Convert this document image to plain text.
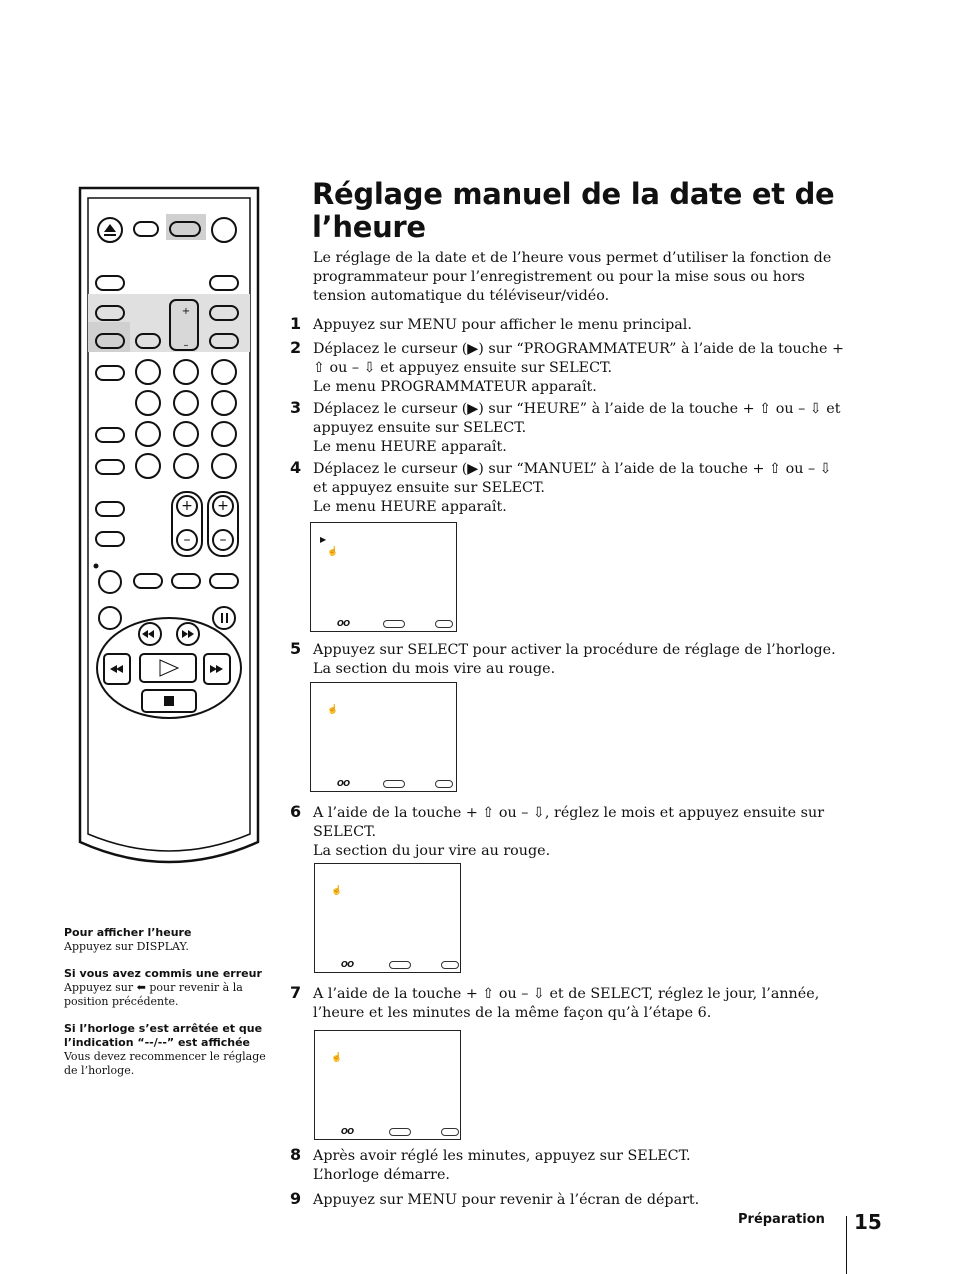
Réglage manuel de la date et de l’heure

Le réglage de la date et de l’heure vous permet d’utiliser la fonction de programmateur pour l’enregistrement ou pour la mise sous ou hors tension automatique du téléviseur/vidéo.

+
–
+
–
+
–

Pour afficher l’heure

Appuyez sur DISPLAY.

Si vous avez commis une erreur

Appuyez sur ⬅ pour revenir à la position précédente.

Si l’horloge s’est arrêtée et que l’indication “--/--” est affichée

Vous devez recommencer le réglage de l’horloge.

1 Appuyez sur MENU pour afficher le menu principal.

2 Déplacez le curseur (▶) sur “PROGRAMMATEUR” à l’aide de la touche + ⇧ ou – ⇩ et appuyez ensuite sur SELECT.

Le menu PROGRAMMATEUR apparaît.

3 Déplacez le curseur (▶) sur “HEURE” à l’aide de la touche + ⇧ ou – ⇩ et appuyez ensuite sur SELECT.

Le menu HEURE apparaît.

4 Déplacez le curseur (▶) sur “MANUEL” à l’aide de la touche + ⇧ ou – ⇩ et appuyez ensuite sur SELECT.

Le menu HEURE apparaît.

▶
☝
OO
5 Appuyez sur SELECT pour activer la procédure de réglage de l’horloge.

La section du mois vire au rouge.

☝
OO
6 A l’aide de la touche + ⇧ ou – ⇩, réglez le mois et appuyez ensuite sur SELECT.

La section du jour vire au rouge.

☝
OO
7 A l’aide de la touche + ⇧ ou – ⇩ et de SELECT, réglez le jour, l’année, l’heure et les minutes de la même façon qu’à l’étape 6.

☝
OO
8 Après avoir réglé les minutes, appuyez sur SELECT.

L’horloge démarre.

9 Appuyez sur MENU pour revenir à l’écran de départ.

Préparation 15
